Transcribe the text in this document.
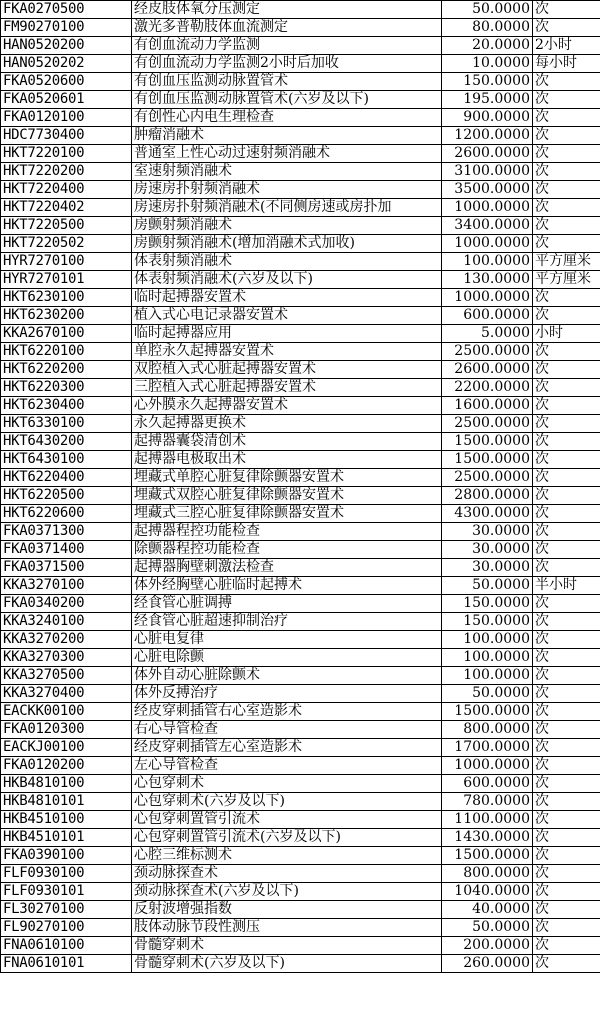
FKA0270500	经皮肢体氧分压测定	50.0000	次
FM90270100	激光多普勒肢体血流测定	80.0000	次
HAN0520200	有创血流动力学监测	20.0000	2小时
HAN0520202	有创血流动力学监测2小时后加收	10.0000	每小时
FKA0520600	有创血压监测动脉置管术	150.0000	次
FKA0520601	有创血压监测动脉置管术(六岁及以下)	195.0000	次
FKA0120100	有创性心内电生理检查	900.0000	次
HDC7730400	肿瘤消融术	1200.0000	次
HKT7220100	普通室上性心动过速射频消融术	2600.0000	次
HKT7220200	室速射频消融术	3100.0000	次
HKT7220400	房速房扑射频消融术	3500.0000	次
HKT7220402	房速房扑射频消融术(不同侧房速或房扑加	1000.0000	次
HKT7220500	房颤射频消融术	3400.0000	次
HKT7220502	房颤射频消融术(增加消融术式加收)	1000.0000	次
HYR7270100	体表射频消融术	100.0000	平方厘米
HYR7270101	体表射频消融术(六岁及以下)	130.0000	平方厘米
HKT6230100	临时起搏器安置术	1000.0000	次
HKT6230200	植入式心电记录器安置术	600.0000	次
KKA2670100	临时起搏器应用	5.0000	小时
HKT6220100	单腔永久起搏器安置术	2500.0000	次
HKT6220200	双腔植入式心脏起搏器安置术	2600.0000	次
HKT6220300	三腔植入式心脏起搏器安置术	2200.0000	次
HKT6230400	心外膜永久起搏器安置术	1600.0000	次
HKT6330100	永久起搏器更换术	2500.0000	次
HKT6430200	起搏器囊袋清创术	1500.0000	次
HKT6430100	起搏器电极取出术	1500.0000	次
HKT6220400	埋藏式单腔心脏复律除颤器安置术	2500.0000	次
HKT6220500	埋藏式双腔心脏复律除颤器安置术	2800.0000	次
HKT6220600	埋藏式三腔心脏复律除颤器安置术	4300.0000	次
FKA0371300	起搏器程控功能检查	30.0000	次
FKA0371400	除颤器程控功能检查	30.0000	次
FKA0371500	起搏器胸壁刺激法检查	30.0000	次
KKA3270100	体外经胸壁心脏临时起搏术	50.0000	半小时
FKA0340200	经食管心脏调搏	150.0000	次
KKA3240100	经食管心脏超速抑制治疗	150.0000	次
KKA3270200	心脏电复律	100.0000	次
KKA3270300	心脏电除颤	100.0000	次
KKA3270500	体外自动心脏除颤术	100.0000	次
KKA3270400	体外反搏治疗	50.0000	次
EACKK00100	经皮穿刺插管右心室造影术	1500.0000	次
FKA0120300	右心导管检查	800.0000	次
EACKJ00100	经皮穿刺插管左心室造影术	1700.0000	次
FKA0120200	左心导管检查	1000.0000	次
HKB4810100	心包穿刺术	600.0000	次
HKB4810101	心包穿刺术(六岁及以下)	780.0000	次
HKB4510100	心包穿刺置管引流术	1100.0000	次
HKB4510101	心包穿刺置管引流术(六岁及以下)	1430.0000	次
FKA0390100	心腔三维标测术	1500.0000	次
FLF0930100	颈动脉探查术	800.0000	次
FLF0930101	颈动脉探查术(六岁及以下)	1040.0000	次
FL30270100	反射波增强指数	40.0000	次
FL90270100	肢体动脉节段性测压	50.0000	次
FNA0610100	骨髓穿刺术	200.0000	次
FNA0610101	骨髓穿刺术(六岁及以下)	260.0000	次
